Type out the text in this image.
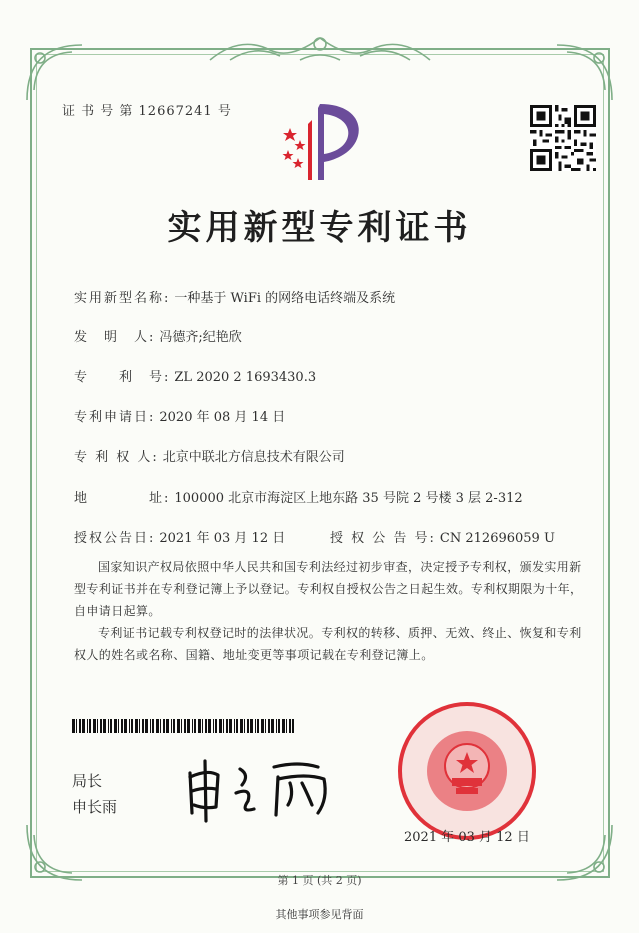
证 书 号 第 12667241 号
实用新型专利证书
实用新型名称: 一种基于 WiFi 的网络电话终端及系统
发　明　人: 冯德齐;纪艳欣
专　　利　号: ZL 2020 2 1693430.3
专利申请日: 2020 年 08 月 14 日
专 利 权 人: 北京中联北方信息技术有限公司
地　　　　址: 100000 北京市海淀区上地东路 35 号院 2 号楼 3 层 2-312
授权公告日: 2021 年 03 月 12 日	授 权 公 告 号: CN 212696059 U
国家知识产权局依照中华人民共和国专利法经过初步审查，决定授予专利权，颁发实用新型专利证书并在专利登记簿上予以登记。专利权自授权公告之日起生效。专利权期限为十年，自申请日起算。
专利证书记载专利权登记时的法律状况。专利权的转移、质押、无效、终止、恢复和专利权人的姓名或名称、国籍、地址变更等事项记载在专利登记簿上。
局长
申长雨
2021 年 03 月 12 日
第 1 页 (共 2 页)
其他事项参见背面
